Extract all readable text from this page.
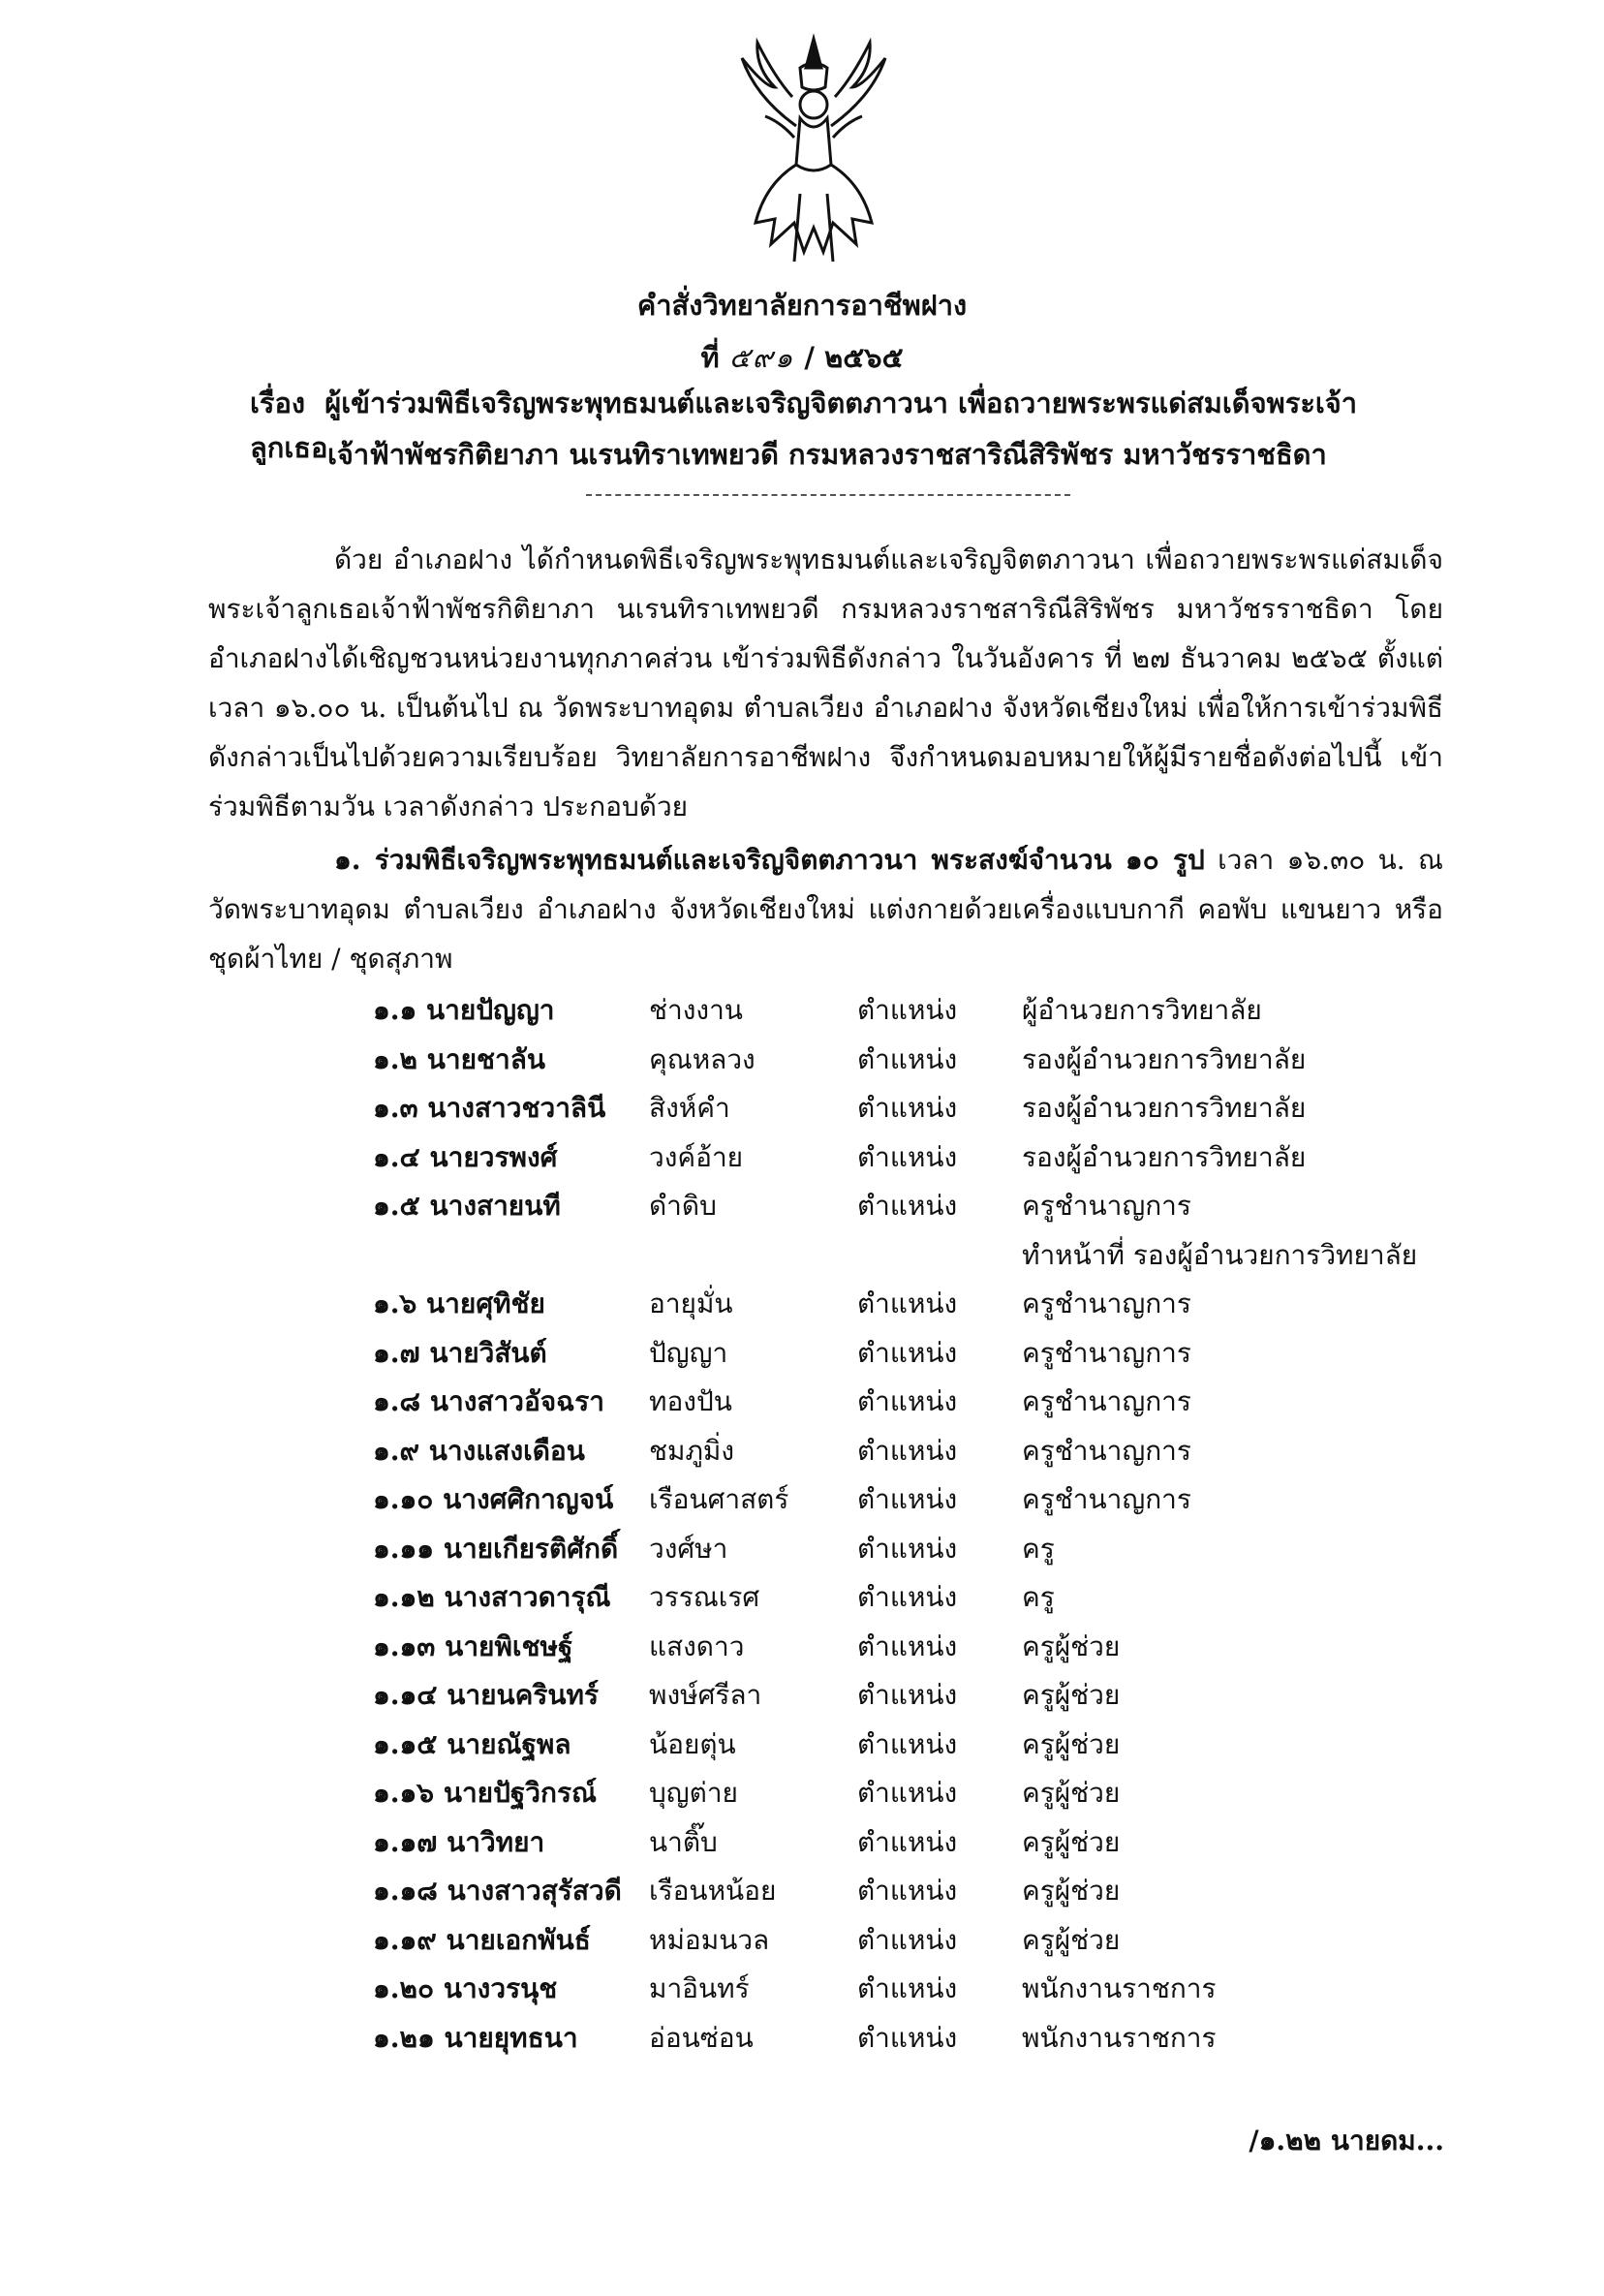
คำสั่งวิทยาลัยการอาชีพฝาง
ที่ ๕๙๑ / ๒๕๖๕
เรื่อง ผู้เข้าร่วมพิธีเจริญพระพุทธมนต์และเจริญจิตตภาวนา เพื่อถวายพระพรแด่สมเด็จพระเจ้าลูกเธอ เจ้าฟ้าพัชรกิติยาภา นเรนทิราเทพยวดี กรมหลวงราชสาริณีสิริพัชร มหาวัชรราชธิดา
ด้วย อำเภอฝาง ได้กำหนดพิธีเจริญพระพุทธมนต์และเจริญจิตตภาวนา เพื่อถวายพระพรแด่สมเด็จพระเจ้าลูกเธอเจ้าฟ้าพัชรกิติยาภา นเรนทิราเทพยวดี กรมหลวงราชสาริณีสิริพัชร มหาวัชรราชธิดา โดยอำเภอฝางได้เชิญชวนหน่วยงานทุกภาคส่วน เข้าร่วมพิธีดังกล่าว ในวันอังคาร ที่ ๒๗ ธันวาคม ๒๕๖๕ ตั้งแต่เวลา ๑๖.๐๐ น. เป็นต้นไป ณ วัดพระบาทอุดม ตำบลเวียง อำเภอฝาง จังหวัดเชียงใหม่ เพื่อให้การเข้าร่วมพิธีดังกล่าวเป็นไปด้วยความเรียบร้อย วิทยาลัยการอาชีพฝาง จึงกำหนดมอบหมายให้ผู้มีรายชื่อดังต่อไปนี้ เข้าร่วมพิธีตามวัน เวลาดังกล่าว ประกอบด้วย
๑. ร่วมพิธีเจริญพระพุทธมนต์และเจริญจิตตภาวนา พระสงฆ์จำนวน ๑๐ รูป เวลา ๑๖.๓๐ น. ณ วัดพระบาทอุดม ตำบลเวียง อำเภอฝาง จังหวัดเชียงใหม่ แต่งกายด้วยเครื่องแบบกากี คอพับ แขนยาว หรือชุดผ้าไทย / ชุดสุภาพ
๑.๑ นายปัญญา	ช่างงาน	ตำแหน่ง	ผู้อำนวยการวิทยาลัย
๑.๒ นายชาลัน	คุณหลวง	ตำแหน่ง	รองผู้อำนวยการวิทยาลัย
๑.๓ นางสาวชวาลินี	สิงห์คำ	ตำแหน่ง	รองผู้อำนวยการวิทยาลัย
๑.๔ นายวรพงศ์	วงค์อ้าย	ตำแหน่ง	รองผู้อำนวยการวิทยาลัย
๑.๕ นางสายนที	ดำดิบ	ตำแหน่ง	ครูชำนาญการ
ทำหน้าที่ รองผู้อำนวยการวิทยาลัย
๑.๖ นายศุทิชัย	อายุมั่น	ตำแหน่ง	ครูชำนาญการ
๑.๗ นายวิสันต์	ปัญญา	ตำแหน่ง	ครูชำนาญการ
๑.๘ นางสาวอัจฉรา	ทองปัน	ตำแหน่ง	ครูชำนาญการ
๑.๙ นางแสงเดือน	ชมภูมิ่ง	ตำแหน่ง	ครูชำนาญการ
๑.๑๐ นางศศิกาญจน์	เรือนศาสตร์	ตำแหน่ง	ครูชำนาญการ
๑.๑๑ นายเกียรติศักดิ์	วงศ์ษา	ตำแหน่ง	ครู
๑.๑๒ นางสาวดารุณี	วรรณเรศ	ตำแหน่ง	ครู
๑.๑๓ นายพิเชษฐ์	แสงดาว	ตำแหน่ง	ครูผู้ช่วย
๑.๑๔ นายนครินทร์	พงษ์ศรีลา	ตำแหน่ง	ครูผู้ช่วย
๑.๑๕ นายณัฐพล	น้อยตุ่น	ตำแหน่ง	ครูผู้ช่วย
๑.๑๖ นายปัฐวิกรณ์	บุญต่าย	ตำแหน่ง	ครูผู้ช่วย
๑.๑๗ นาวิทยา	นาติ๊บ	ตำแหน่ง	ครูผู้ช่วย
๑.๑๘ นางสาวสุรัสวดี	เรือนหน้อย	ตำแหน่ง	ครูผู้ช่วย
๑.๑๙ นายเอกพันธ์	หม่อมนวล	ตำแหน่ง	ครูผู้ช่วย
๑.๒๐ นางวรนุช	มาอินทร์	ตำแหน่ง	พนักงานราชการ
๑.๒๑ นายยุทธนา	อ่อนซ่อน	ตำแหน่ง	พนักงานราชการ
/๑.๒๒ นายดม...
